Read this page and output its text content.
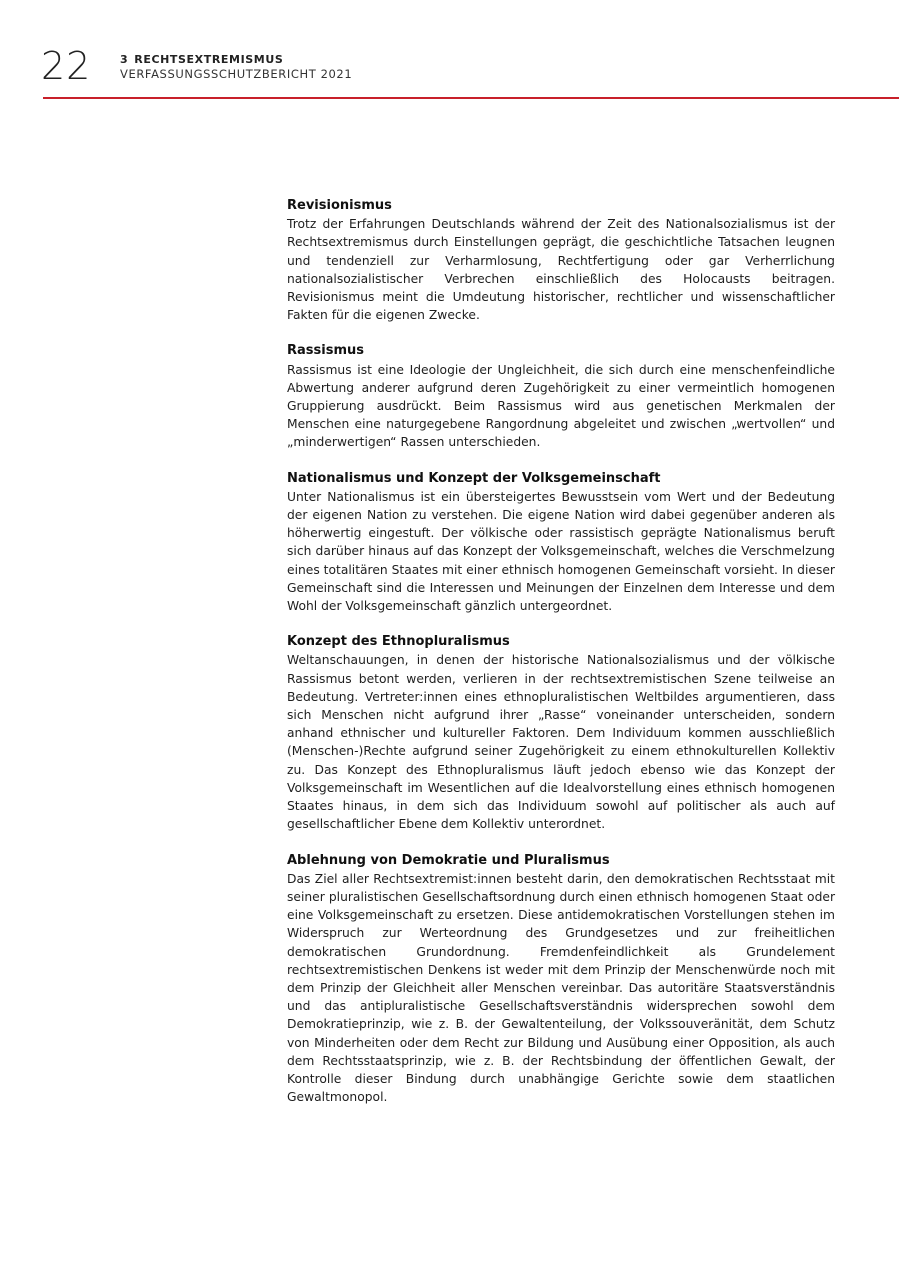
22	3 RECHTSEXTREMISMUS
VERFASSUNGSSCHUTZBERICHT 2021
Revisionismus

Trotz der Erfahrungen Deutschlands während der Zeit des Nationalsozialismus ist der Rechtsextremismus durch Einstellungen geprägt, die geschichtliche Tatsachen leugnen und tendenziell zur Verharmlosung, Rechtfertigung oder gar Verherrlichung nationalsozialistischer Verbrechen einschließlich des Holocausts beitragen. Revisionismus meint die Umdeutung historischer, rechtlicher und wissenschaftlicher Fakten für die eigenen Zwecke.

Rassismus

Rassismus ist eine Ideologie der Ungleichheit, die sich durch eine menschenfeindliche Abwertung anderer aufgrund deren Zugehörigkeit zu einer vermeintlich homogenen Gruppierung ausdrückt. Beim Rassismus wird aus genetischen Merkmalen der Menschen eine naturgegebene Rangordnung abgeleitet und zwischen „wertvollen“ und „minderwertigen“ Rassen unterschieden.

Nationalismus und Konzept der Volksgemeinschaft

Unter Nationalismus ist ein übersteigertes Bewusstsein vom Wert und der Bedeutung der eigenen Nation zu verstehen. Die eigene Nation wird dabei gegenüber anderen als höherwertig eingestuft. Der völkische oder rassistisch geprägte Nationalismus beruft sich darüber hinaus auf das Konzept der Volksgemeinschaft, welches die Verschmelzung eines totalitären Staates mit einer ethnisch homogenen Gemeinschaft vorsieht. In dieser Gemeinschaft sind die Interessen und Meinungen der Einzelnen dem Interesse und dem Wohl der Volksgemeinschaft gänzlich untergeordnet.

Konzept des Ethnopluralismus

Weltanschauungen, in denen der historische Nationalsozialismus und der völkische Rassismus betont werden, verlieren in der rechtsextremistischen Szene teilweise an Bedeutung. Vertreter:innen eines ethnopluralistischen Weltbildes argumentieren, dass sich Menschen nicht aufgrund ihrer „Rasse“ voneinander unterscheiden, sondern anhand ethnischer und kultureller Faktoren. Dem Individuum kommen ausschließlich (Menschen-)Rechte aufgrund seiner Zugehörigkeit zu einem ethnokulturellen Kollektiv zu. Das Konzept des Ethnopluralismus läuft jedoch ebenso wie das Konzept der Volksgemeinschaft im Wesentlichen auf die Idealvorstellung eines ethnisch homogenen Staates hinaus, in dem sich das Individuum sowohl auf politischer als auch auf gesellschaftlicher Ebene dem Kollektiv unterordnet.

Ablehnung von Demokratie und Pluralismus

Das Ziel aller Rechtsextremist:innen besteht darin, den demokratischen Rechtsstaat mit seiner pluralistischen Gesellschaftsordnung durch einen ethnisch homogenen Staat oder eine Volksgemeinschaft zu ersetzen. Diese antidemokratischen Vorstellungen stehen im Widerspruch zur Werteordnung des Grundgesetzes und zur freiheitlichen demokratischen Grundordnung. Fremdenfeindlichkeit als Grundelement rechtsextremistischen Denkens ist weder mit dem Prinzip der Menschenwürde noch mit dem Prinzip der Gleichheit aller Menschen vereinbar. Das autoritäre Staatsverständnis und das antipluralistische Gesellschaftsverständnis widersprechen sowohl dem Demokratieprinzip, wie z. B. der Gewaltenteilung, der Volkssouveränität, dem Schutz von Minderheiten oder dem Recht zur Bildung und Ausübung einer Opposition, als auch dem Rechtsstaatsprinzip, wie z. B. der Rechtsbindung der öffentlichen Gewalt, der Kontrolle dieser Bindung durch unabhängige Gerichte sowie dem staatlichen Gewaltmonopol.
